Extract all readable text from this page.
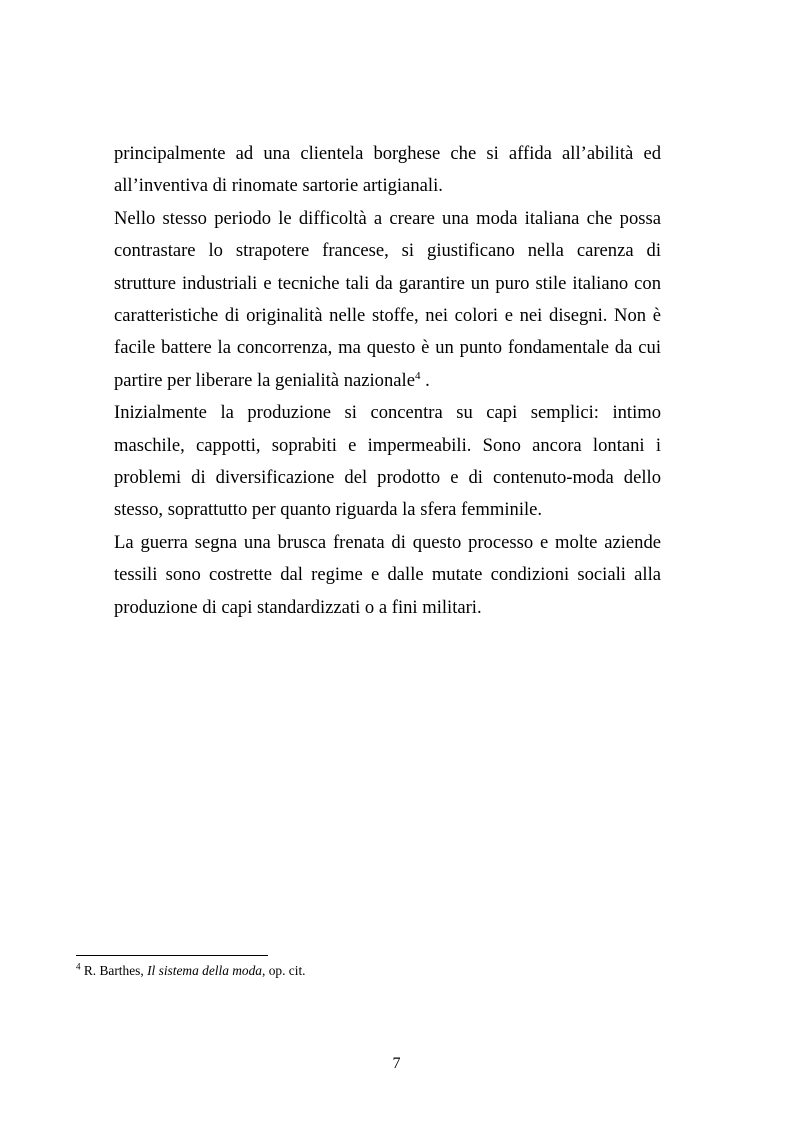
principalmente ad una clientela borghese che si affida all’abilità ed all’inventiva di rinomate sartorie artigianali.

Nello stesso periodo le difficoltà a creare una moda italiana che possa contrastare lo strapotere francese, si giustificano nella carenza di strutture industriali e tecniche tali da garantire un puro stile italiano con caratteristiche di originalità nelle stoffe, nei colori e nei disegni. Non è facile battere la concorrenza, ma questo è un punto fondamentale da cui partire per liberare la genialità nazionale$^4$ .

Inizialmente la produzione si concentra su capi semplici: intimo maschile, cappotti, soprabiti e impermeabili. Sono ancora lontani i problemi di diversificazione del prodotto e di contenuto-moda dello stesso, soprattutto per quanto riguarda la sfera femminile.

La guerra segna una brusca frenata di questo processo e molte aziende tessili sono costrette dal regime e dalle mutate condizioni sociali alla produzione di capi standardizzati o a fini militari.

$^4$ R. Barthes, Il sistema della moda, op. cit.
7
